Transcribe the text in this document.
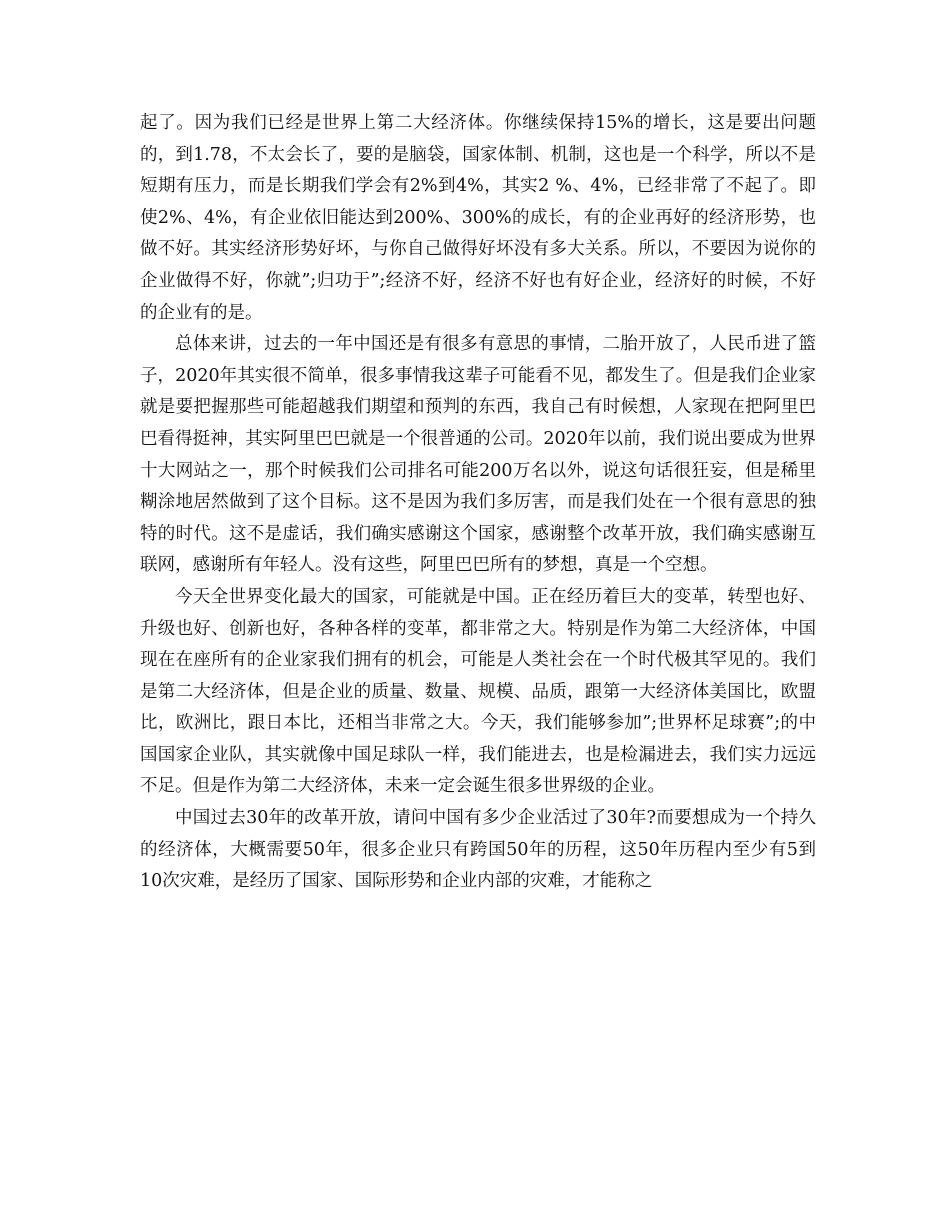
起了。因为我们已经是世界上第二大经济体。你继续保持15%的增长，这是要出问题的，到1.78，不太会长了，要的是脑袋，国家体制、机制，这也是一个科学，所以不是短期有压力，而是长期我们学会有2%到4%，其实2 %、4%，已经非常了不起了。即使2%、4%，有企业依旧能达到200%、300%的成长，有的企业再好的经济形势，也做不好。其实经济形势好坏，与你自己做得好坏没有多大关系。所以，不要因为说你的企业做得不好，你就”;归功于”;经济不好，经济不好也有好企业，经济好的时候，不好的企业有的是。

总体来讲，过去的一年中国还是有很多有意思的事情，二胎开放了，人民币进了篮子，2020年其实很不简单，很多事情我这辈子可能看不见，都发生了。但是我们企业家就是要把握那些可能超越我们期望和预判的东西，我自己有时候想，人家现在把阿里巴巴看得挺神，其实阿里巴巴就是一个很普通的公司。2020年以前，我们说出要成为世界十大网站之一，那个时候我们公司排名可能200万名以外，说这句话很狂妄，但是稀里糊涂地居然做到了这个目标。这不是因为我们多厉害，而是我们处在一个很有意思的独特的时代。这不是虚话，我们确实感谢这个国家，感谢整个改革开放，我们确实感谢互联网，感谢所有年轻人。没有这些，阿里巴巴所有的梦想，真是一个空想。

今天全世界变化最大的国家，可能就是中国。正在经历着巨大的变革，转型也好、升级也好、创新也好，各种各样的变革，都非常之大。特别是作为第二大经济体，中国现在在座所有的企业家我们拥有的机会，可能是人类社会在一个时代极其罕见的。我们是第二大经济体，但是企业的质量、数量、规模、品质，跟第一大经济体美国比，欧盟比，欧洲比，跟日本比，还相当非常之大。今天，我们能够参加”;世界杯足球赛”;的中国国家企业队，其实就像中国足球队一样，我们能进去，也是检漏进去，我们实力远远不足。但是作为第二大经济体，未来一定会诞生很多世界级的企业。

中国过去30年的改革开放，请问中国有多少企业活过了30年?而要想成为一个持久的经济体，大概需要50年，很多企业只有跨国50年的历程，这50年历程内至少有5到10次灾难，是经历了国家、国际形势和企业内部的灾难，才能称之
